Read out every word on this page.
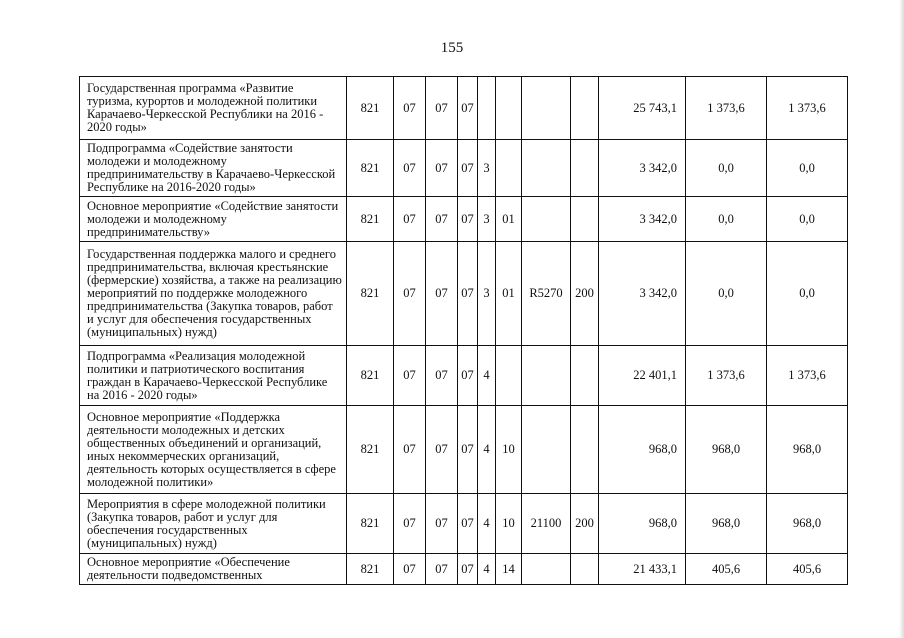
155
Государственная программа «Развитие туризма, курортов и молодежной политики Карачаево-Черкесской Республики на 2016 - 2020 годы»	821	07	07	07					25 743,1	1 373,6	1 373,6
Подпрограмма «Содействие занятости молодежи и молодежному предпринимательству в Карачаево-Черкесской Республике на 2016-2020 годы»	821	07	07	07	3				3 342,0	0,0	0,0
Основное мероприятие «Содействие занятости молодежи и молодежному предпринимательству»	821	07	07	07	3	01			3 342,0	0,0	0,0
Государственная поддержка малого и среднего предпринимательства, включая крестьянские (фермерские) хозяйства, а также на реализацию мероприятий по поддержке молодежного предпринимательства (Закупка товаров, работ и услуг для обеспечения государственных (муниципальных) нужд)	821	07	07	07	3	01	R5270	200	3 342,0	0,0	0,0
Подпрограмма «Реализация молодежной политики и патриотического воспитания граждан в Карачаево-Черкесской Республике на 2016 - 2020 годы»	821	07	07	07	4				22 401,1	1 373,6	1 373,6
Основное мероприятие «Поддержка деятельности молодежных и детских общественных объединений и организаций, иных некоммерческих организаций, деятельность которых осуществляется в сфере молодежной политики»	821	07	07	07	4	10			968,0	968,0	968,0
Мероприятия в сфере молодежной политики (Закупка товаров, работ и услуг для обеспечения государственных (муниципальных) нужд)	821	07	07	07	4	10	21100	200	968,0	968,0	968,0
Основное мероприятие «Обеспечение деятельности подведомственных	821	07	07	07	4	14			21 433,1	405,6	405,6
